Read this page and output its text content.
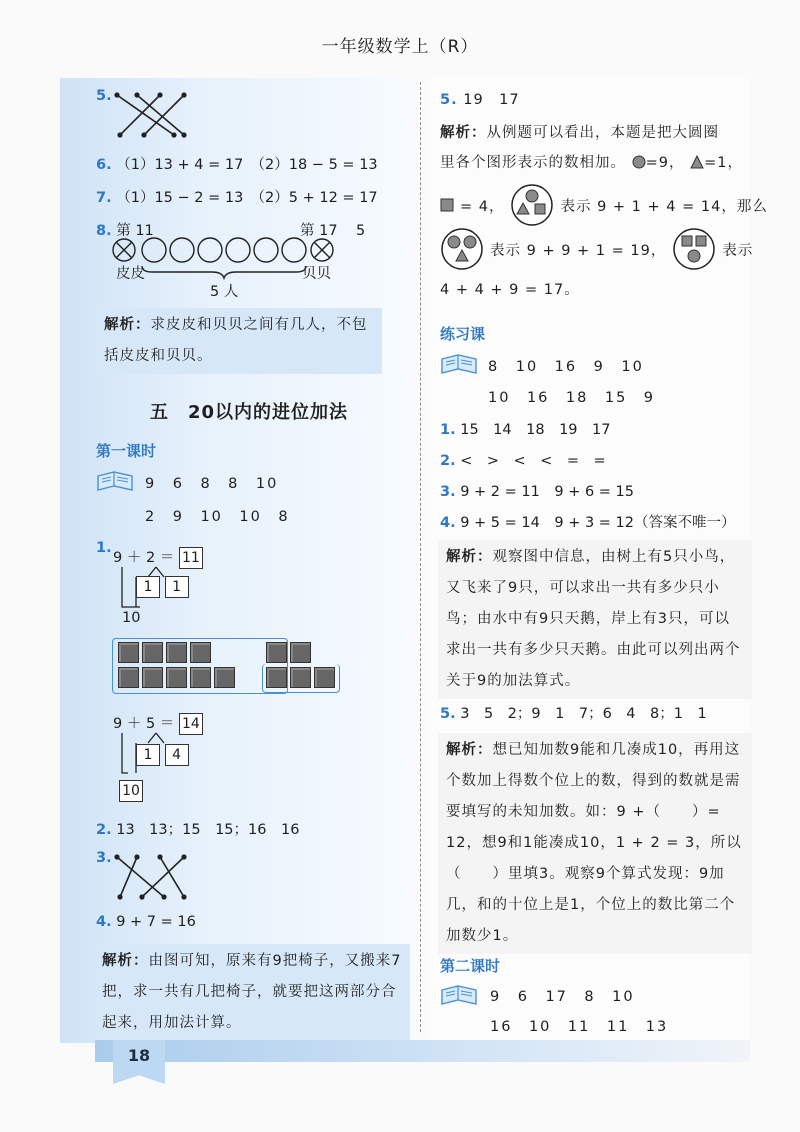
一年级数学上（R）
5.
6. （1）13 + 4 = 17　（2）18 − 5 = 13
7. （1）15 − 2 = 13　（2）5 + 12 = 17
8. 第 11	第 17 5
皮皮	贝贝
5 人
解析：求皮皮和贝贝之间有几人，不包括皮皮和贝贝。
五　20以内的进位加法
第一课时
9　6　8　8　10
2　9　10　10　8
1.
9 ＋ 2 ＝ 11
1 1
10
9 ＋ 5 ＝ 14
1 4
10
2. 13　13；15　15；16　16
3.
4. 9 + 7 = 16
解析：由图可知，原来有9把椅子，又搬来7把，求一共有几把椅子，就要把这两部分合起来，用加法计算。
5. 19　17
解析：从例题可以看出，本题是把大圆圈
里各个图形表示的数相加。 =9， =1，
= 4，	表示 9 + 1 + 4 = 14，那么
表示 9 + 9 + 1 = 19，	表示
4 + 4 + 9 = 17。
练习课
8　10　16　9　10
10　16　18　15　9
1. 15　14　18　19　17
2. <　>　<　<　=　=
3. 9 + 2 = 11　9 + 6 = 15
4. 9 + 5 = 14　9 + 3 = 12（答案不唯一）
解析：观察图中信息，由树上有5只小鸟，又飞来了9只，可以求出一共有多少只小鸟；由水中有9只天鹅，岸上有3只，可以求出一共有多少只天鹅。由此可以列出两个关于9的加法算式。
5. 3　5　2；9　1　7；6　4　8；1　1
解析：想已知加数9能和几凑成10，再用这个数加上得数个位上的数，得到的数就是需要填写的未知加数。如：9 +（　　）= 12，想9和1能凑成10，1 + 2 = 3，所以（　　）里填3。观察9个算式发现：9加几，和的十位上是1，个位上的数比第二个加数少1。
第二课时
9　6　17　8　10
16　10　11　11　13
18
